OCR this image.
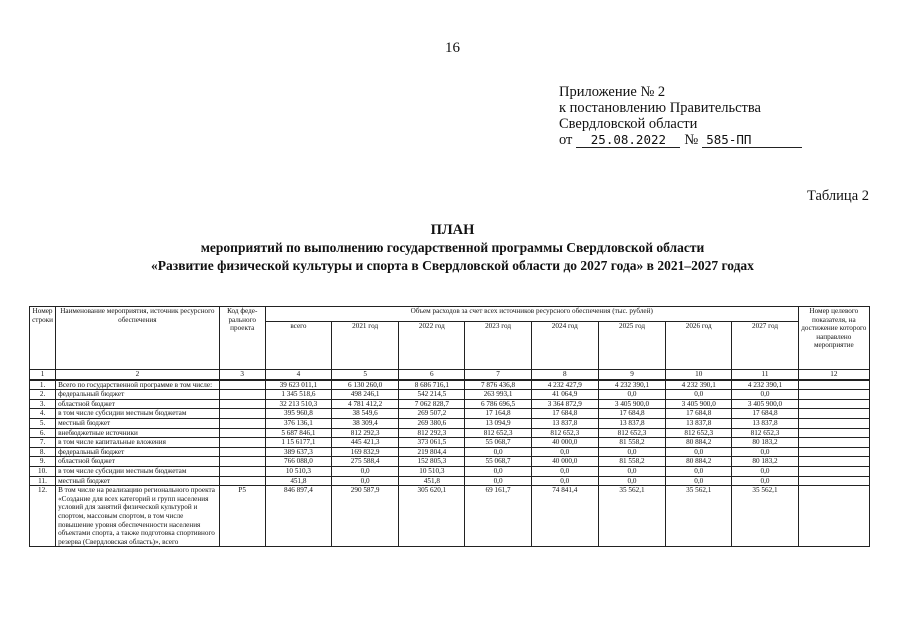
16
Приложение № 2
к постановлению Правительства
Свердловской области
от 25.08.2022 № 585-ПП
Таблица 2
ПЛАН
мероприятий по выполнению государственной программы Свердловской области
«Развитие физической культуры и спорта в Свердловской области до 2027 года» в 2021–2027 годах
Номер строки	Наименование мероприятия, источник ресурсного обеспечения	Код феде-рального проекта	Объем расходов за счет всех источников ресурсного обеспечения (тыс. рублей)								Номер целевого показателя, на достижение которого направлено мероприятие
			всего	2021 год	2022 год	2023 год	2024 год	2025 год	2026 год	2027 год	
1	2	3	4	5	6	7	8	9	10	11	12
1.	Всего по государственной программе в том числе:		39 623 011,1	6 130 260,0	8 686 716,1	7 876 436,8	4 232 427,9	4 232 390,1	4 232 390,1	4 232 390,1	
2.	федеральный бюджет		1 345 518,6	498 246,1	542 214,5	263 993,1	41 064,9	0,0	0,0	0,0	
3.	областной бюджет		32 213 510,3	4 781 412,2	7 062 828,7	6 786 696,5	3 364 872,9	3 405 900,0	3 405 900,0	3 405 900,0	
4.	в том числе субсидии местным бюджетам		395 960,8	38 549,6	269 507,2	17 164,8	17 684,8	17 684,8	17 684,8	17 684,8	
5.	местный бюджет		376 136,1	38 309,4	269 380,6	13 094,9	13 837,8	13 837,8	13 837,8	13 837,8	
6.	внебюджетные источники		5 687 846,1	812 292,3	812 292,3	812 652,3	812 652,3	812 652,3	812 652,3	812 652,3	
7.	в том числе капитальные вложения		1 15 6177,1	445 421,3	373 061,5	55 068,7	40 000,0	81 558,2	80 884,2	80 183,2	
8.	федеральный бюджет		389 637,3	169 832,9	219 804,4	0,0	0,0	0,0	0,0	0,0	
9.	областной бюджет		766 088,0	275 588,4	152 805,3	55 068,7	40 000,0	81 558,2	80 884,2	80 183,2	
10.	в том числе субсидии местным бюджетам		10 510,3	0,0	10 510,3	0,0	0,0	0,0	0,0	0,0	
11.	местный бюджет		451,8	0,0	451,8	0,0	0,0	0,0	0,0	0,0	
12.	В том числе на реализацию регионального проекта «Создание для всех категорий и групп населения условий для занятий физической культурой и спортом, массовым спортом, в том числе повышение уровня обеспеченности населения объектами спорта, а также подготовка спортивного резерва (Свердловская область)», всего	Р5	846 897,4	290 587,9	305 620,1	69 161,7	74 841,4	35 562,1	35 562,1	35 562,1	
